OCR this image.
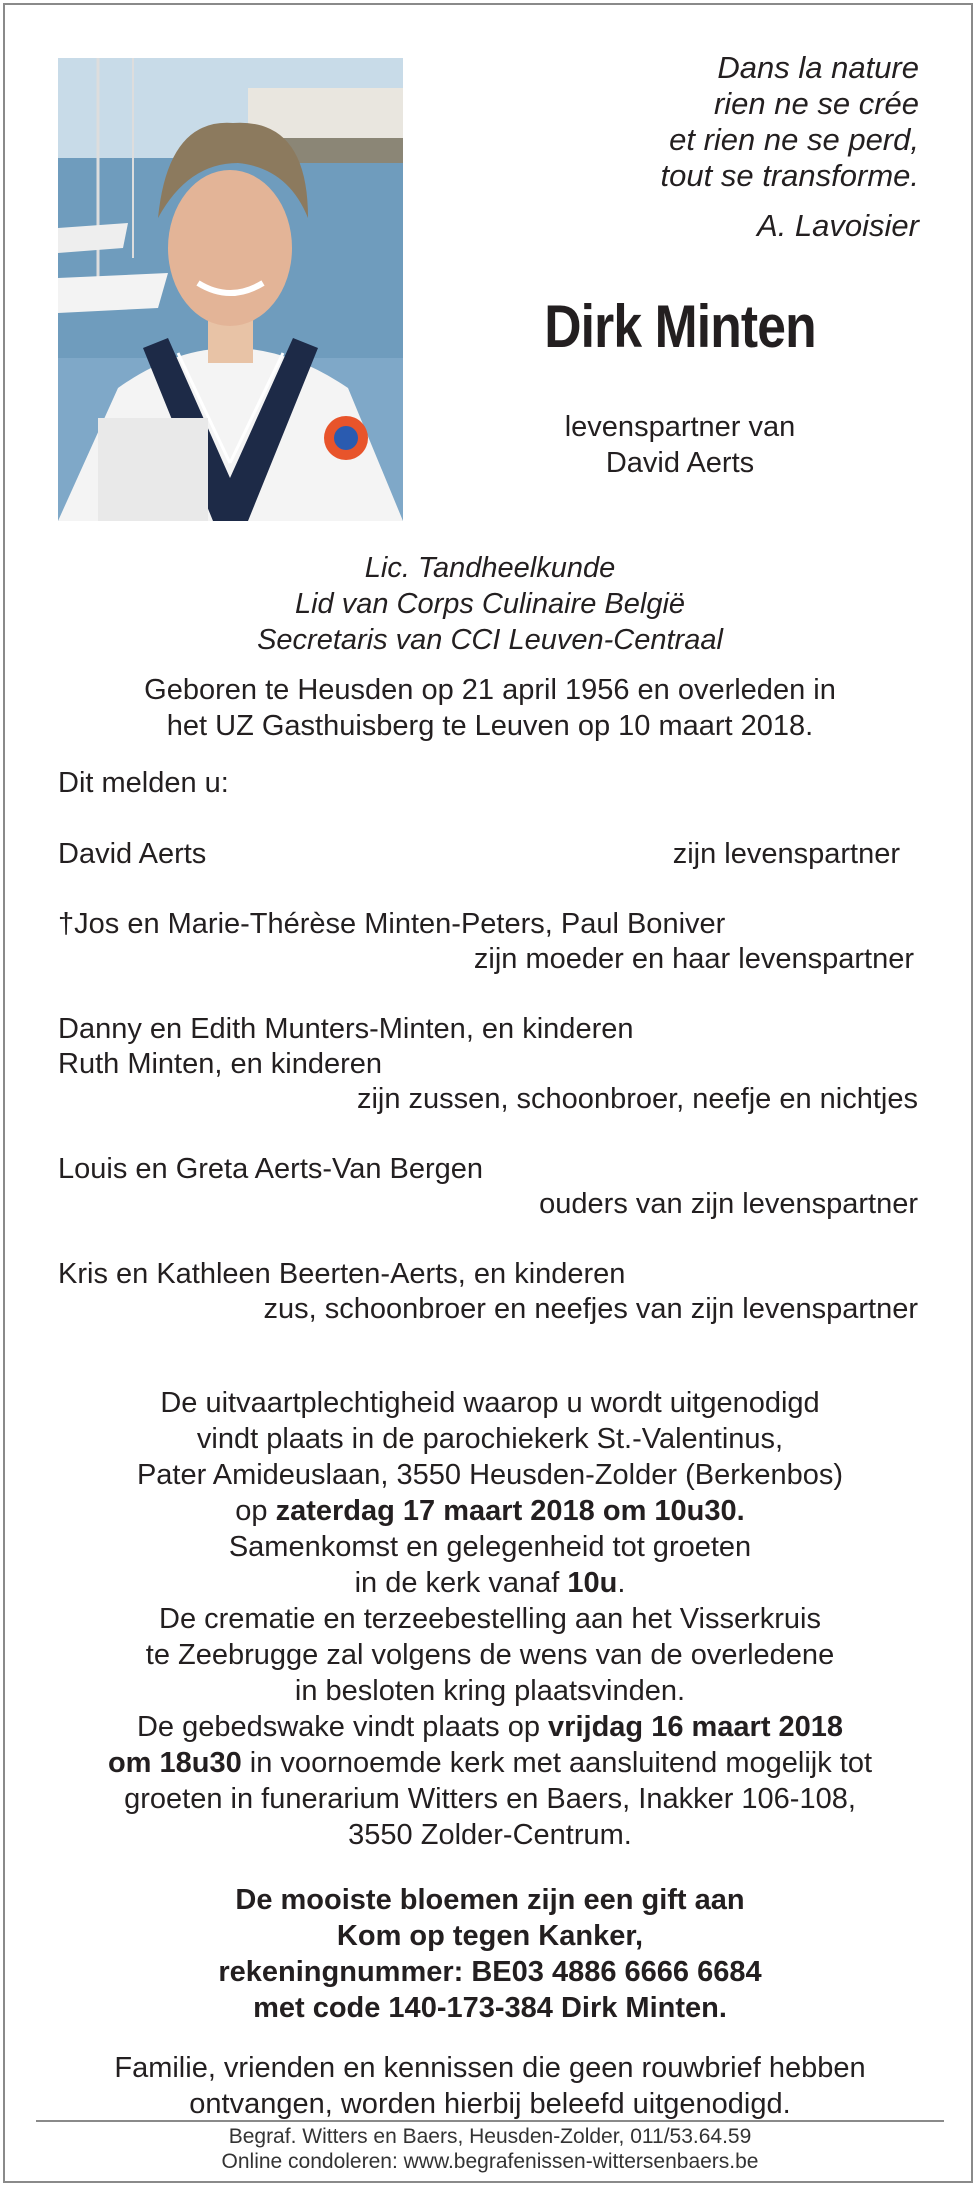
Dans la nature
rien ne se crée
et rien ne se perd,
tout se transforme.
A. Lavoisier
Dirk Minten
levenspartner van
David Aerts
Lic. Tandheelkunde
Lid van Corps Culinaire België
Secretaris van CCI Leuven-Centraal
Geboren te Heusden op 21 april 1956 en overleden in
het UZ Gasthuisberg te Leuven op 10 maart 2018.
Dit melden u:
David Aerts	zijn levenspartner
†Jos en Marie-Thérèse Minten-Peters, Paul Boniver
zijn moeder en haar levenspartner
Danny en Edith Munters-Minten, en kinderen
Ruth Minten, en kinderen
zijn zussen, schoonbroer, neefje en nichtjes
Louis en Greta Aerts-Van Bergen
ouders van zijn levenspartner
Kris en Kathleen Beerten-Aerts, en kinderen
zus, schoonbroer en neefjes van zijn levenspartner
De uitvaartplechtigheid waarop u wordt uitgenodigd
vindt plaats in de parochiekerk St.-Valentinus,
Pater Amideuslaan, 3550 Heusden-Zolder (Berkenbos)
op zaterdag 17 maart 2018 om 10u30.
Samenkomst en gelegenheid tot groeten
in de kerk vanaf 10u.
De crematie en terzeebestelling aan het Visserkruis
te Zeebrugge zal volgens de wens van de overledene
in besloten kring plaatsvinden.
De gebedswake vindt plaats op vrijdag 16 maart 2018
om 18u30 in voornoemde kerk met aansluitend mogelijk tot
groeten in funerarium Witters en Baers, Inakker 106-108,
3550 Zolder-Centrum.
De mooiste bloemen zijn een gift aan
Kom op tegen Kanker,
rekeningnummer: BE03 4886 6666 6684
met code 140-173-384 Dirk Minten.
Familie, vrienden en kennissen die geen rouwbrief hebben
ontvangen, worden hierbij beleefd uitgenodigd.
Begraf. Witters en Baers, Heusden-Zolder, 011/53.64.59
Online condoleren: www.begrafenissen-wittersenbaers.be
